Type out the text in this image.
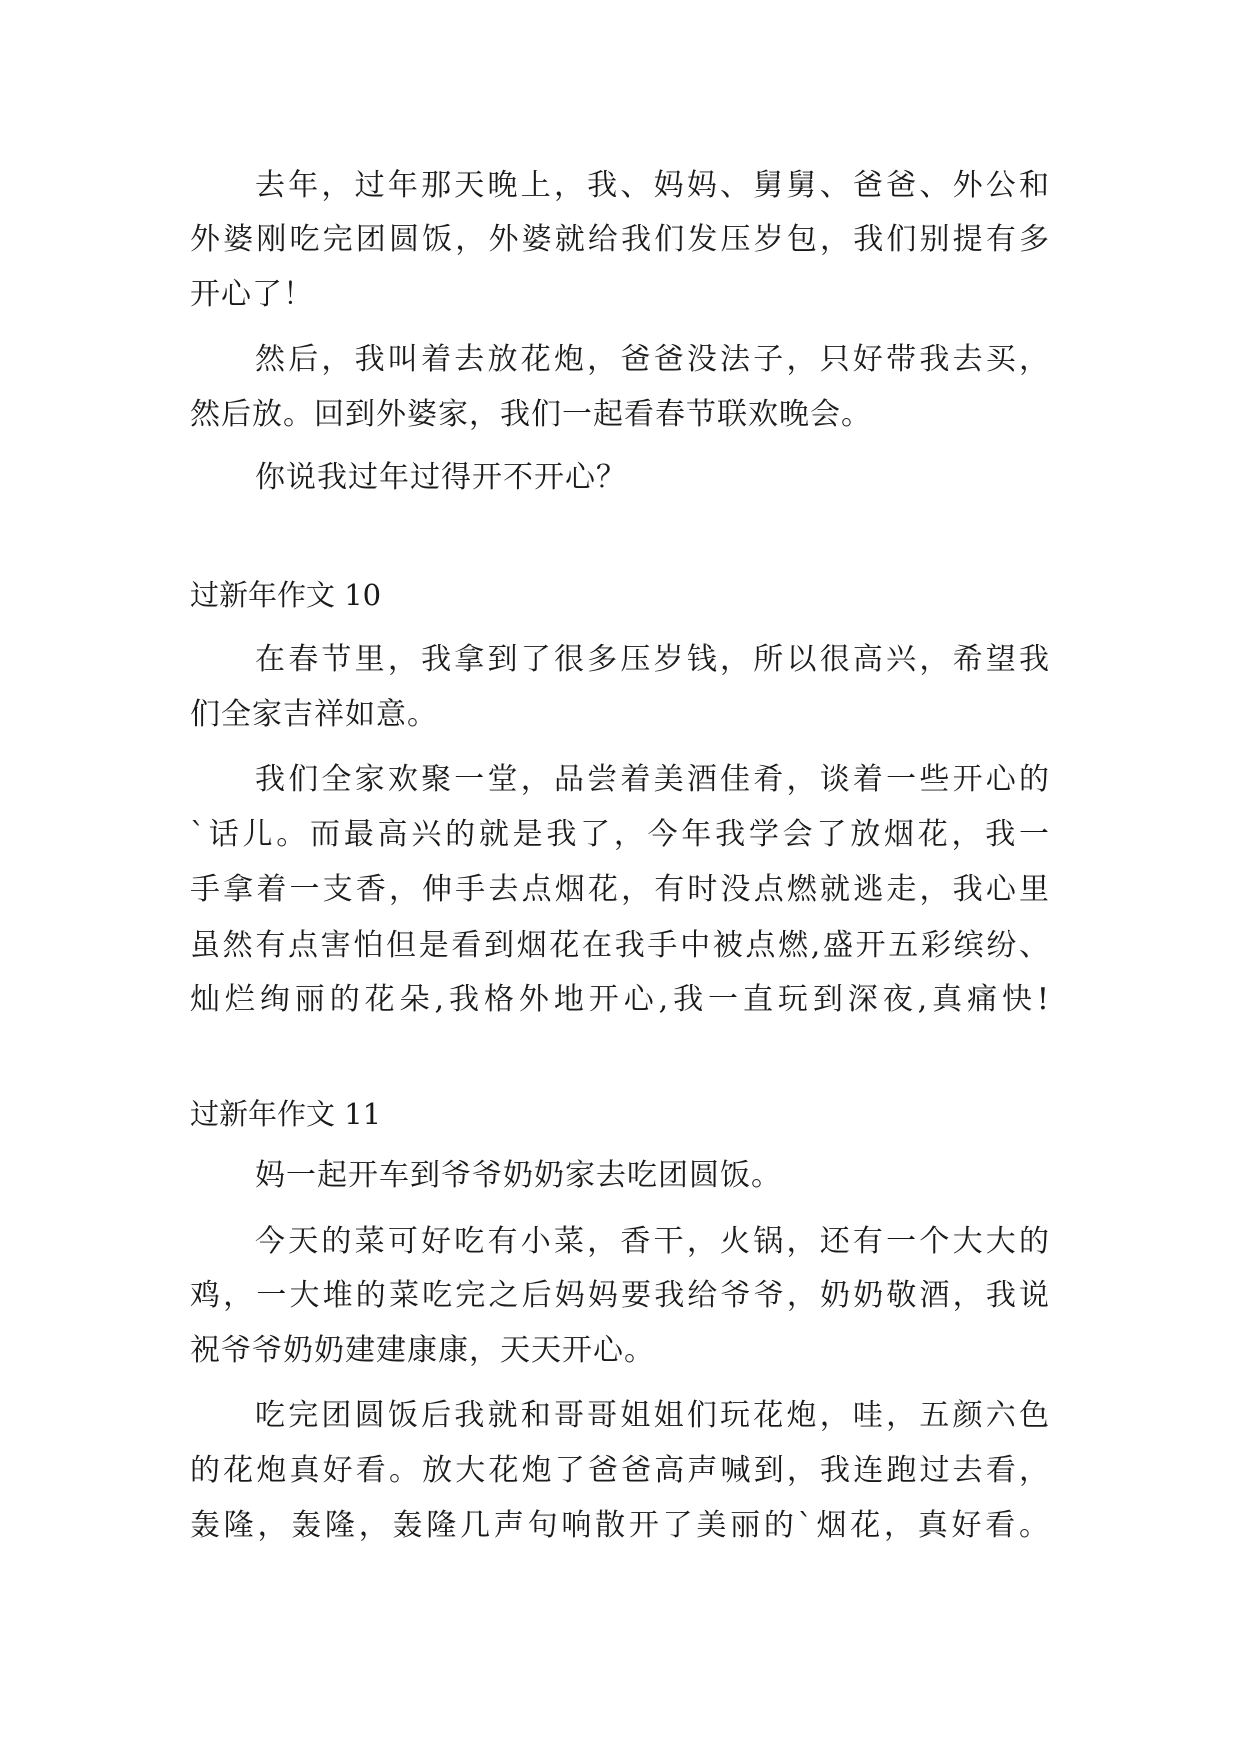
去年，过年那天晚上，我、妈妈、舅舅、爸爸、外公和
外婆刚吃完团圆饭，外婆就给我们发压岁包，我们别提有多
开心了！
然后，我叫着去放花炮，爸爸没法子，只好带我去买，
然后放。回到外婆家，我们一起看春节联欢晚会。
你说我过年过得开不开心？
过新年作文 10
在春节里，我拿到了很多压岁钱，所以很高兴，希望我
们全家吉祥如意。
我们全家欢聚一堂，品尝着美酒佳肴，谈着一些开心的
`话儿。而最高兴的就是我了，今年我学会了放烟花，我一
手拿着一支香，伸手去点烟花，有时没点燃就逃走，我心里
虽然有点害怕但是看到烟花在我手中被点燃,盛开五彩缤纷、
灿烂绚丽的花朵,我格外地开心,我一直玩到深夜,真痛快!
过新年作文 11
妈一起开车到爷爷奶奶家去吃团圆饭。
今天的菜可好吃有小菜，香干，火锅，还有一个大大的
鸡，一大堆的菜吃完之后妈妈要我给爷爷，奶奶敬酒，我说
祝爷爷奶奶建建康康，天天开心。
吃完团圆饭后我就和哥哥姐姐们玩花炮，哇，五颜六色
的花炮真好看。放大花炮了爸爸高声喊到，我连跑过去看，
轰隆，轰隆，轰隆几声句响散开了美丽的`烟花，真好看。
